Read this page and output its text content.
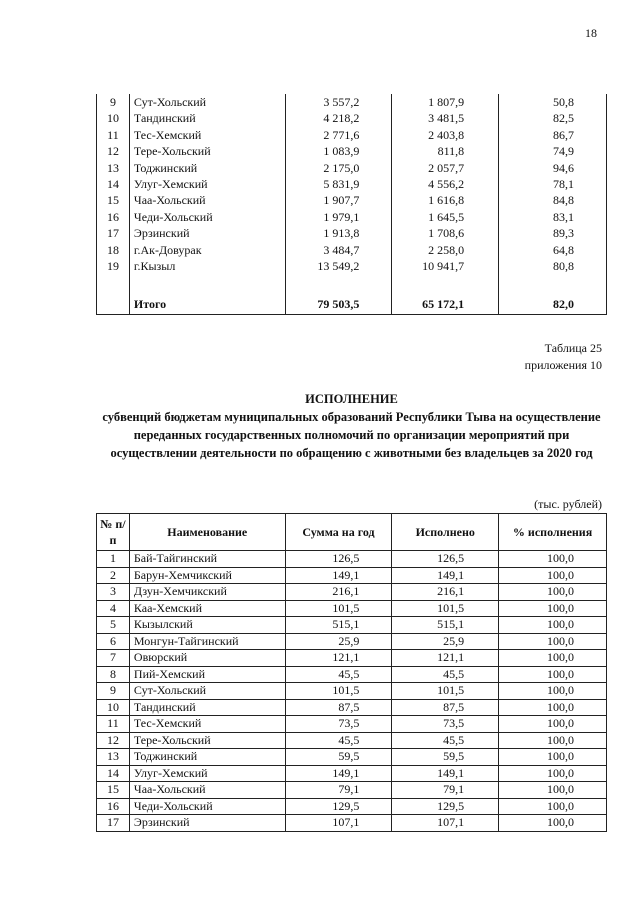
18
9	Сут-Хольский	3 557,2	1 807,9	50,8
10	Тандинский	4 218,2	3 481,5	82,5
11	Тес-Хемский	2 771,6	2 403,8	86,7
12	Тере-Хольский	1 083,9	811,8	74,9
13	Тоджинский	2 175,0	2 057,7	94,6
14	Улуг-Хемский	5 831,9	4 556,2	78,1
15	Чаа-Хольский	1 907,7	1 616,8	84,8
16	Чеди-Хольский	1 979,1	1 645,5	83,1
17	Эрзинский	1 913,8	1 708,6	89,3
18	г.Ак-Довурак	3 484,7	2 258,0	64,8
19	г.Кызыл	13 549,2	10 941,7	80,8

	Итого	79 503,5	65 172,1	82,0
Таблица 25
приложения 10
ИСПОЛНЕНИЕ
субвенций бюджетам муниципальных образований Республики Тыва на осуществление переданных государственных полномочий по организации мероприятий при осуществлении деятельности по обращению с животными без владельцев за 2020 год
(тыс. рублей)
№ п/п	Наименование	Сумма на год	Исполнено	% исполнения
1	Бай-Тайгинский	126,5	126,5	100,0
2	Барун-Хемчикский	149,1	149,1	100,0
3	Дзун-Хемчикский	216,1	216,1	100,0
4	Каа-Хемский	101,5	101,5	100,0
5	Кызылский	515,1	515,1	100,0
6	Монгун-Тайгинский	25,9	25,9	100,0
7	Овюрский	121,1	121,1	100,0
8	Пий-Хемский	45,5	45,5	100,0
9	Сут-Хольский	101,5	101,5	100,0
10	Тандинский	87,5	87,5	100,0
11	Тес-Хемский	73,5	73,5	100,0
12	Тере-Хольский	45,5	45,5	100,0
13	Тоджинский	59,5	59,5	100,0
14	Улуг-Хемский	149,1	149,1	100,0
15	Чаа-Хольский	79,1	79,1	100,0
16	Чеди-Хольский	129,5	129,5	100,0
17	Эрзинский	107,1	107,1	100,0
